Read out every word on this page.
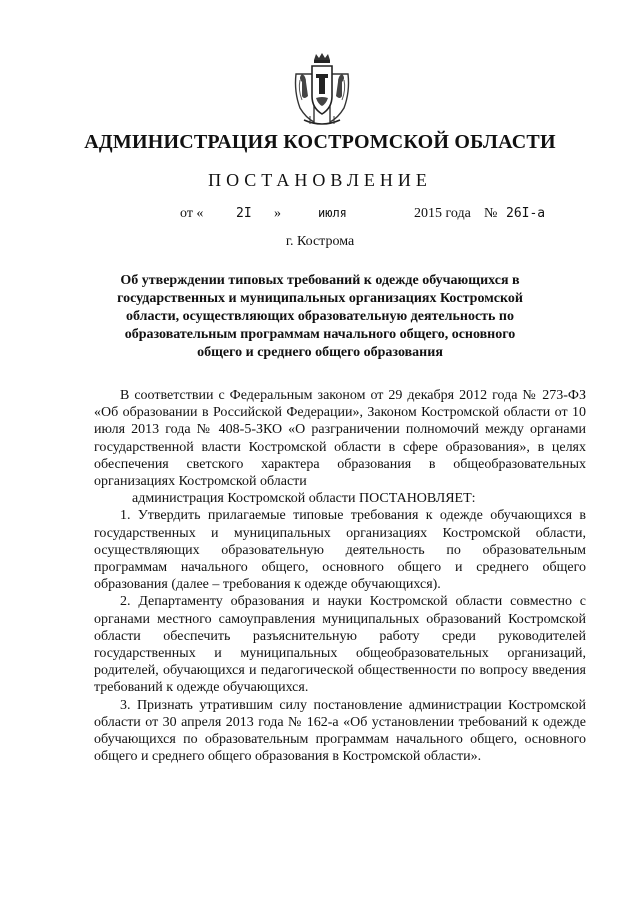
АДМИНИСТРАЦИЯ КОСТРОМСКОЙ ОБЛАСТИ
ПОСТАНОВЛЕНИЕ
от «	2I »	июля	2015 года № 26I-a
г. Кострома
Об утверждении типовых требований к одежде обучающихся в государственных и муниципальных организациях Костромской области, осуществляющих образовательную деятельность по образовательным программам начального общего, основного общего и среднего общего образования

В соответствии с Федеральным законом от 29 декабря 2012 года № 273-ФЗ «Об образовании в Российской Федерации», Законом Костромской области от 10 июля 2013 года № 408-5-ЗКО «О разграничении полномочий между органами государственной власти Костромской области в сфере образования», в целях обеспечения светского характера образования в общеобразовательных организациях Костромской области

администрация Костромской области ПОСТАНОВЛЯЕТ:

1. Утвердить прилагаемые типовые требования к одежде обучающихся в государственных и муниципальных организациях Костромской области, осуществляющих образовательную деятельность по образовательным программам начального общего, основного общего и среднего общего образования (далее – требования к одежде обучающихся).

2. Департаменту образования и науки Костромской области совместно с органами местного самоуправления муниципальных образований Костромской области обеспечить разъяснительную работу среди руководителей государственных и муниципальных общеобразовательных организаций, родителей, обучающихся и педагогической общественности по вопросу введения требований к одежде обучающихся.

3. Признать утратившим силу постановление администрации Костромской области от 30 апреля 2013 года № 162-а «Об установлении требований к одежде обучающихся по образовательным программам начального общего, основного общего и среднего общего образования в Костромской области».
